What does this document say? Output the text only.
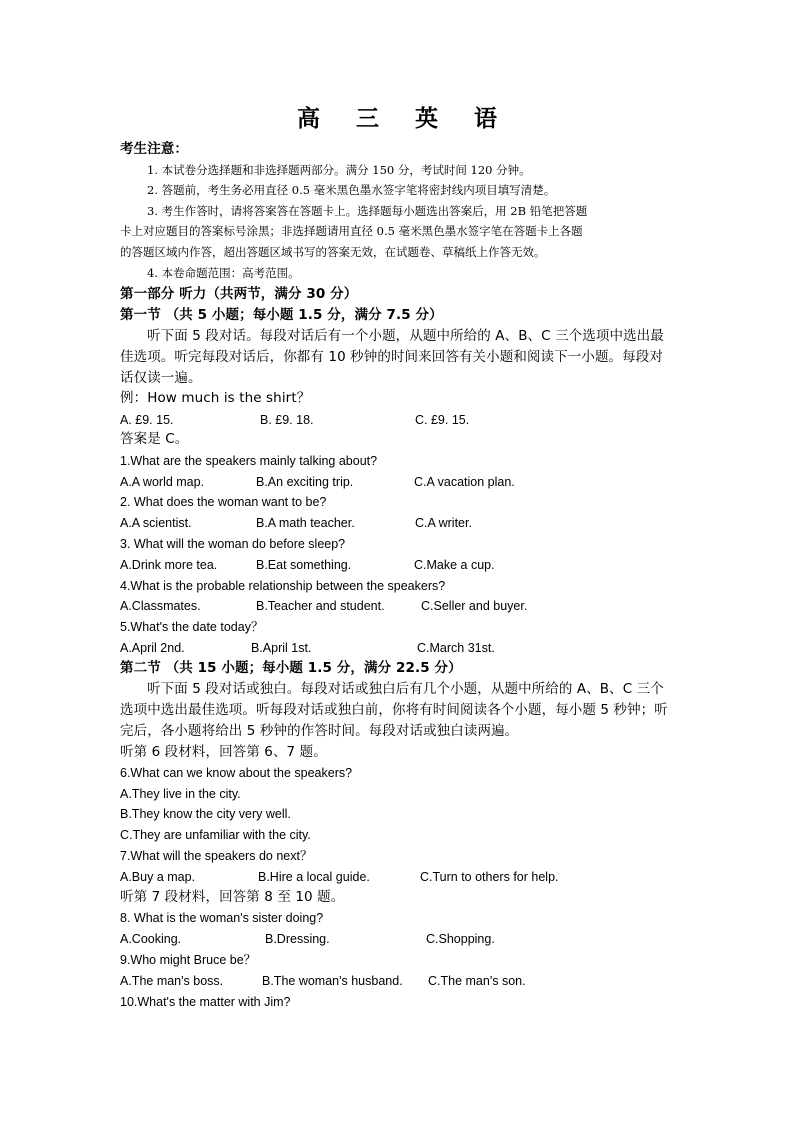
高 三 英 语
考生注意：
1. 本试卷分选择题和非选择题两部分。满分 150 分，考试时间 120 分钟。
2. 答题前，考生务必用直径 0.5 毫米黑色墨水签字笔将密封线内项目填写清楚。
3. 考生作答时，请将答案答在答题卡上。选择题每小题选出答案后，用 2B 铅笔把答题
卡上对应题目的答案标号涂黑；非选择题请用直径 0.5 毫米黑色墨水签字笔在答题卡上各题
的答题区域内作答，超出答题区域书写的答案无效，在试题卷、草稿纸上作答无效。
4. 本卷命题范围：高考范围。
第一部分 听力（共两节，满分 30 分）
第一节 （共 5 小题；每小题 1.5 分，满分 7.5 分）
听下面 5 段对话。每段对话后有一个小题，从题中所给的 A、B、C 三个选项中选出最
佳选项。听完每段对话后，你都有 10 秒钟的时间来回答有关小题和阅读下一小题。每段对
话仅读一遍。
例：How much is the shirt？
A. £9. 15.	B. £9. 18.	C. £9. 15.
答案是 C。
1.What are the speakers mainly talking about?
A.A world map.	B.An exciting trip.	C.A vacation plan.
2. What does the woman want to be?
A.A scientist.	B.A math teacher.	C.A writer.
3. What will the woman do before sleep?
A.Drink more tea.	B.Eat something.	C.Make a cup.
4.What is the probable relationship between the speakers?
A.Classmates.	B.Teacher and student.	C.Seller and buyer.
5.What's the date today？
A.April 2nd.	B.April 1st.	C.March 31st.
第二节 （共 15 小题；每小题 1.5 分，满分 22.5 分）
听下面 5 段对话或独白。每段对话或独白后有几个小题，从题中所给的 A、B、C 三个
选项中选出最佳选项。听每段对话或独白前，你将有时间阅读各个小题，每小题 5 秒钟；听
完后，各小题将给出 5 秒钟的作答时间。每段对话或独白读两遍。
听第 6 段材料，回答第 6、7 题。
6.What can we know about the speakers?
A.They live in the city.
B.They know the city very well.
C.They are unfamiliar with the city.
7.What will the speakers do next？
A.Buy a map.	B.Hire a local guide.	C.Turn to others for help.
听第 7 段材料，回答第 8 至 10 题。
8. What is the woman's sister doing?
A.Cooking.	B.Dressing.	C.Shopping.
9.Who might Bruce be？
A.The man's boss.	B.The woman's husband. C.The man's son.
10.What's the matter with Jim?
